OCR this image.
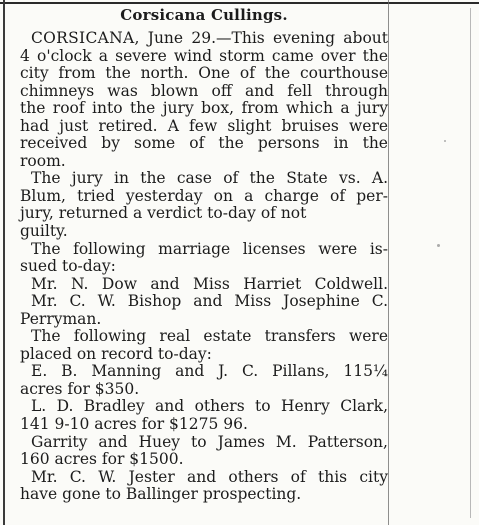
Corsicana Cullings.
CORSICANA, June 29.—This evening about
4 o'clock a severe wind storm came over the
city from the north. One of the courthouse
chimneys was blown off and fell through
the roof into the jury box, from which a jury
had just retired. A few slight bruises were
received by some of the persons in the
room.
The jury in the case of the State vs. A.
Blum, tried yesterday on a charge of per-
jury, returned a verdict to-day of not
guilty.
The following marriage licenses were is-
sued to-day:
Mr. N. Dow and Miss Harriet Coldwell.
Mr. C. W. Bishop and Miss Josephine C.
Perryman.
The following real estate transfers were
placed on record to-day:
E. B. Manning and J. C. Pillans, 115¼
acres for $350.
L. D. Bradley and others to Henry Clark,
141 9-10 acres for $1275 96.
Garrity and Huey to James M. Patterson,
160 acres for $1500.
Mr. C. W. Jester and others of this city
have gone to Ballinger prospecting.
